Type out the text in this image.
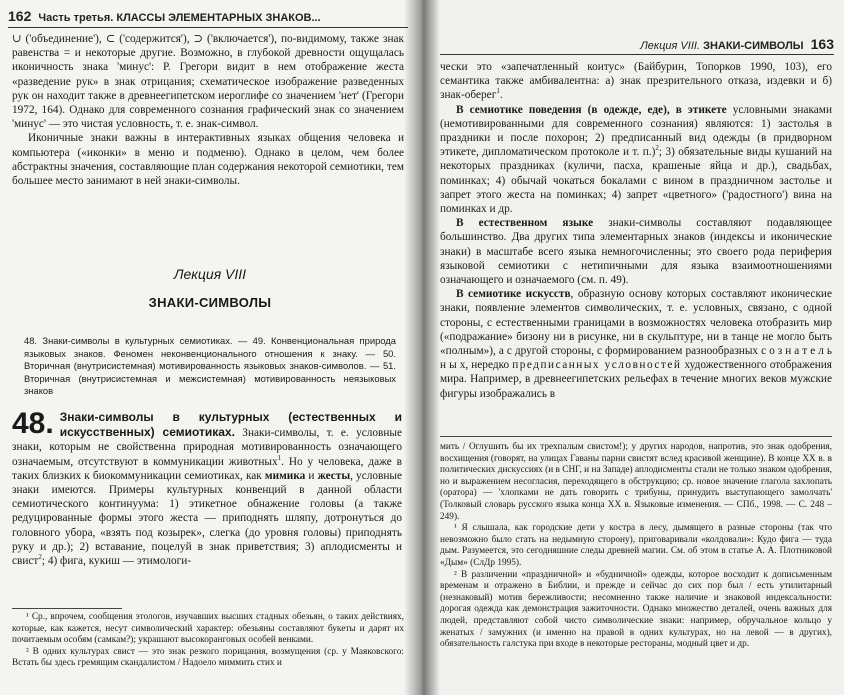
162 Часть третья. КЛАССЫ ЭЛЕМЕНТАРНЫХ ЗНАКОВ...

∪ ('объединение'), ⊂ ('содержится'), ⊃ ('включается'), по-видимому, также знак равенства = и некоторые другие. Возможно, в глубокой древности ощущалась иконичность знака 'минус': Р. Грегори видит в нем отображение жеста «разведение рук» в знак отрицания; схематическое изображение разведенных рук он находит также в древнеегипетском иероглифе со значением 'нет' (Грегори 1972, 164). Однако для современного сознания графический знак со значением 'минус' — это чистая условность, т. е. знак-символ.

Иконичные знаки важны в интерактивных языках общения человека и компьютера («иконки» в меню и подменю). Однако в целом, чем более абстрактны значения, составляющие план содержания некоторой семиотики, тем большее место занимают в ней знаки-символы.

Лекция VIII
ЗНАКИ-СИМВОЛЫ

48. Знаки-символы в культурных семиотиках. — 49. Конвенциональная природа языковых знаков. Феномен неконвенционального отношения к знаку. — 50. Вторичная (внутрисистемная) мотивированность языковых знаков-символов. — 51. Вторичная (внутрисистемная и межсистемная) мотивированность неязыковых знаков

48. Знаки-символы в культурных (естественных и искусственных) семиотиках. Знаки-символы, т. е. условные знаки, которым не свойственна природная мотивированность означающего означаемым, отсутствуют в коммуникации животных$^1$. Но у человека, даже в таких близких к биокоммуникации семиотиках, как мимика и жесты, условные знаки имеются. Примеры культурных конвенций в данной области семиотического континуума: 1) этикетное обнажение головы (а также редуцированные формы этого жеста — приподнять шляпу, дотронуться до головного убора, «взять под козырек», слегка (до уровня головы) приподнять руку и др.); 2) вставание, поцелуй в знак приветствия; 3) аплодисменты и свист$^2$; 4) фига, кукиш — этимологи-

¹ Ср., впрочем, сообщения этологов, изучавших высших стадных обезьян, о таких действиях, которые, как кажется, несут символический характер: обезьяны составляют букеты и дарят их почитаемым особям (самкам?); украшают высокоранговых особей венками.

² В одних культурах свист — это знак резкого порицания, возмущения (ср. у Маяковского: Встать бы здесь гремящим скандалистом / Надоело миммить стих и

Лекция VIII. ЗНАКИ-СИМВОЛЫ 163

чески это «запечатленный коитус» (Байбурин, Топорков 1990, 103), его семантика также амбивалентна: а) знак презрительного отказа, издевки и б) знак-оберег$^1$.

В семиотике поведения (в одежде, еде), в этикете условными знаками (немотивированными для современного сознания) являются: 1) застолья в праздники и после похорон; 2) предписанный вид одежды (в придворном этикете, дипломатическом протоколе и т. п.)$^2$; 3) обязательные виды кушаний на некоторых праздниках (куличи, пасха, крашеные яйца и др.), свадьбах, поминках; 4) обычай чокаться бокалами с вином в праздничном застолье и запрет этого жеста на поминках; 4) запрет «цветного» ('радостного') вина на поминках и др.

В естественном языке знаки-символы составляют подавляющее большинство. Два других типа элементарных знаков (индексы и иконические знаки) в масштабе всего языка немногочисленны; это своего рода периферия языковой семиотики с нетипичными для языка взаимоотношениями означающего и означаемого (см. п. 49).

В семиотике искусств, образную основу которых составляют иконические знаки, появление элементов символических, т. е. условных, связано, с одной стороны, с естественными границами в возможностях человека отобразить мир («подражание» бизону ни в рисунке, ни в скульптуре, ни в танце не могло быть «полным»), а с другой стороны, с формированием разнообразных с о з н а т е л ь н ы х, нередко предписанных условностей художественного отображения мира. Например, в древнеегипетских рельефах в течение многих веков мужские фигуры изображались в

мить / Оглушить бы их трехпалым свистом!); у других народов, напротив, это знак одобрения, восхищения (говорят, на улицах Гаваны парни свистят вслед красивой женщине). В конце XX в. в политических дискуссиях (и в СНГ, и на Западе) аплодисменты стали не только знаком одобрения, но и выражением несогласия, переходящего в обструкцию; ср. новое значение глагола захлопать (оратора) — 'хлопками не дать говорить с трибуны, принудить выступающего замолчать' (Толковый словарь русского языка конца XX в. Языковые изменения. — СПб., 1998. — С. 248 – 249).

¹ Я слышала, как городские дети у костра в лесу, дымящего в разные стороны (так что невозможно было стать на недымную сторону), приговаривали «колдовали»: Кудо фига — туда дым. Разумеется, это сегодняшние следы древней магии. См. об этом в статье А. А. Плотниковой «Дым» (СлДр 1995).

² В различении «праздничной» и «будничной» одежды, которое восходит к дописьменным временам и отражено в Библии, и прежде и сейчас до сих пор был / есть утилитарный (незнаковый) мотив бережливости; несомненно также наличие и знаковой индексальности: дорогая одежда как демонстрация зажиточности. Однако множество деталей, очень важных для людей, представляют собой чисто символические знаки: например, обручальное кольцо у женатых / замужних (и именно на правой в одних культурах, но на левой — в других), обязательность галстука при входе в некоторые рестораны, модный цвет и др.
